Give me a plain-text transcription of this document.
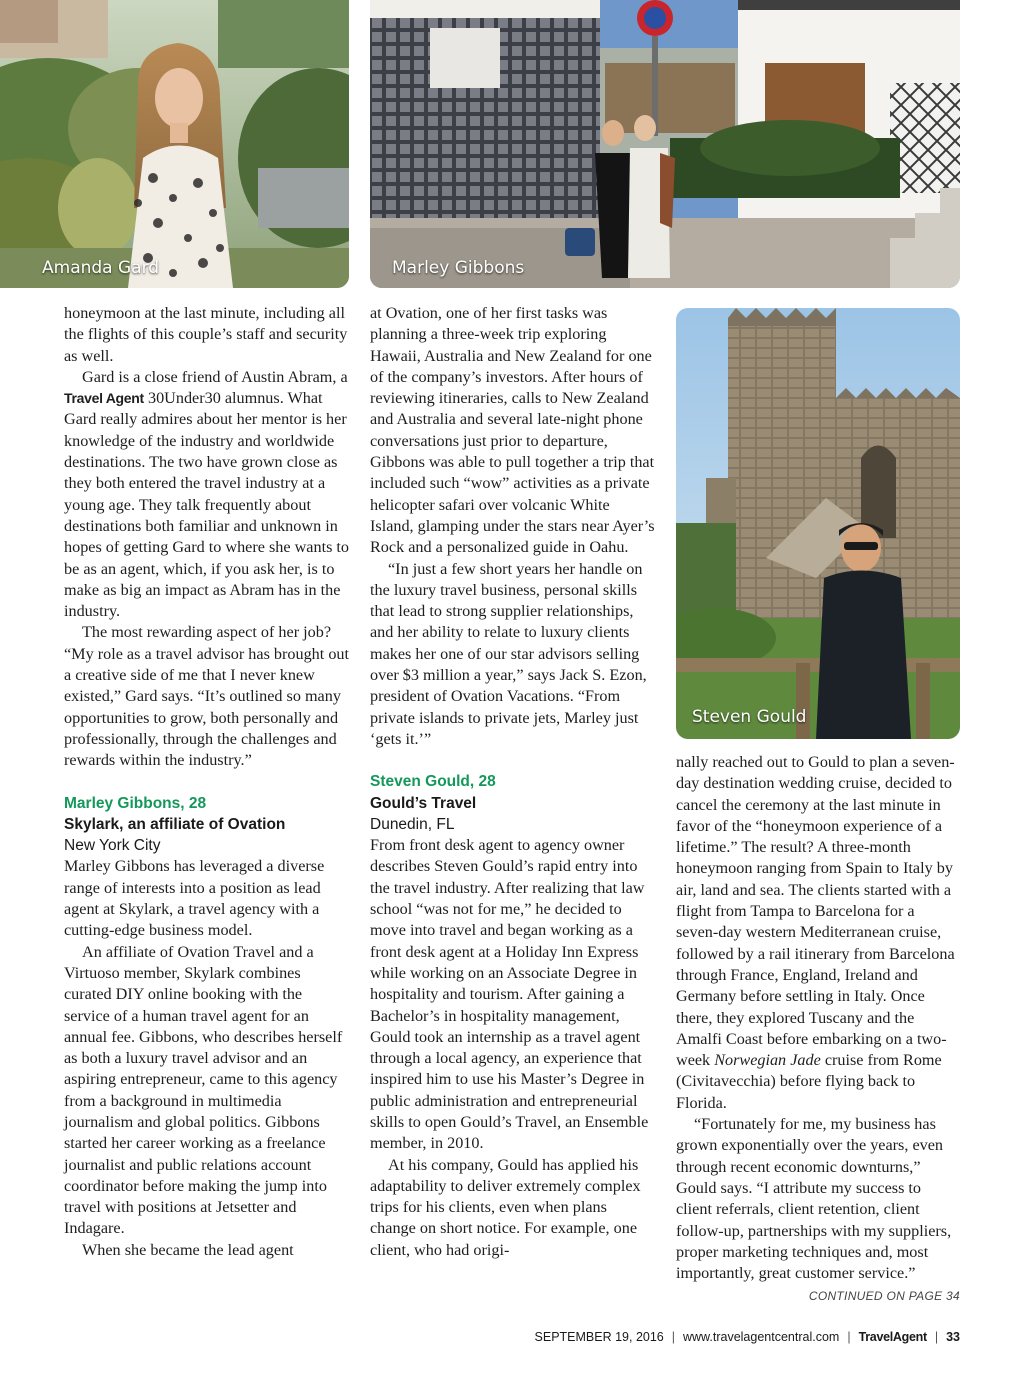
Amanda Gard	Marley Gibbons
Steven Gould

honeymoon at the last minute, including all the flights of this couple’s staff and security as well.

Gard is a close friend of Austin Abram, a Travel Agent 30Under30 alumnus. What Gard really admires about her mentor is her knowledge of the industry and worldwide destinations. The two have grown close as they both entered the travel industry at a young age. They talk frequently about destinations both familiar and unknown in hopes of getting Gard to where she wants to be as an agent, which, if you ask her, is to make as big an impact as Abram has in the industry.

The most rewarding aspect of her job? “My role as a travel advisor has brought out a creative side of me that I never knew existed,” Gard says. “It’s outlined so many opportunities to grow, both personally and professionally, through the challenges and rewards within the industry.”

Marley Gibbons, 28
Skylark, an affiliate of Ovation
New York City

Marley Gibbons has leveraged a diverse range of interests into a position as lead agent at Skylark, a travel agency with a cutting-edge business model.

An affiliate of Ovation Travel and a Virtuoso member, Skylark combines curated DIY online booking with the service of a human travel agent for an annual fee. Gibbons, who describes herself as both a luxury travel advisor and an aspiring entrepreneur, came to this agency from a background in multimedia journalism and global politics. Gibbons started her career working as a freelance journalist and public relations account coordinator before making the jump into travel with positions at Jetsetter and Indagare.

When she became the lead agent

at Ovation, one of her first tasks was planning a three-week trip exploring Hawaii, Australia and New Zealand for one of the company’s investors. After hours of reviewing itineraries, calls to New Zealand and Australia and several late-night phone conversations just prior to departure, Gibbons was able to pull together a trip that included such “wow” activities as a private helicopter safari over volcanic White Island, glamping under the stars near Ayer’s Rock and a personalized guide in Oahu.

“In just a few short years her handle on the luxury travel business, personal skills that lead to strong supplier relationships, and her ability to relate to luxury clients makes her one of our star advisors selling over $3 million a year,” says Jack S. Ezon, president of Ovation Vacations. “From private islands to private jets, Marley just ‘gets it.’”

Steven Gould, 28
Gould’s Travel
Dunedin, FL

From front desk agent to agency owner describes Steven Gould’s rapid entry into the travel industry. After realizing that law school “was not for me,” he decided to move into travel and began working as a front desk agent at a Holiday Inn Express while working on an Associate Degree in hospitality and tourism. After gaining a Bachelor’s in hospitality management, Gould took an internship as a travel agent through a local agency, an experience that inspired him to use his Master’s Degree in public administration and entrepreneurial skills to open Gould’s Travel, an Ensemble member, in 2010.

At his company, Gould has applied his adaptability to deliver extremely complex trips for his clients, even when plans change on short notice. For example, one client, who had origi-

nally reached out to Gould to plan a seven-day destination wedding cruise, decided to cancel the ceremony at the last minute in favor of the “honeymoon experience of a lifetime.” The result? A three-month honeymoon ranging from Spain to Italy by air, land and sea. The clients started with a flight from Tampa to Barcelona for a seven-day western Mediterranean cruise, followed by a rail itinerary from Barcelona through France, England, Ireland and Germany before settling in Italy. Once there, they explored Tuscany and the Amalfi Coast before embarking on a two-week Norwegian Jade cruise from Rome (Civitavecchia) before flying back to Florida.

“Fortunately for me, my business has grown exponentially over the years, even through recent economic downturns,” Gould says. “I attribute my success to client referrals, client retention, client follow-up, partnerships with my suppliers, proper marketing techniques and, most importantly, great customer service.”

CONTINUED ON PAGE 34
SEPTEMBER 19, 2016 | www.travelagentcentral.com | TravelAgent | 33
